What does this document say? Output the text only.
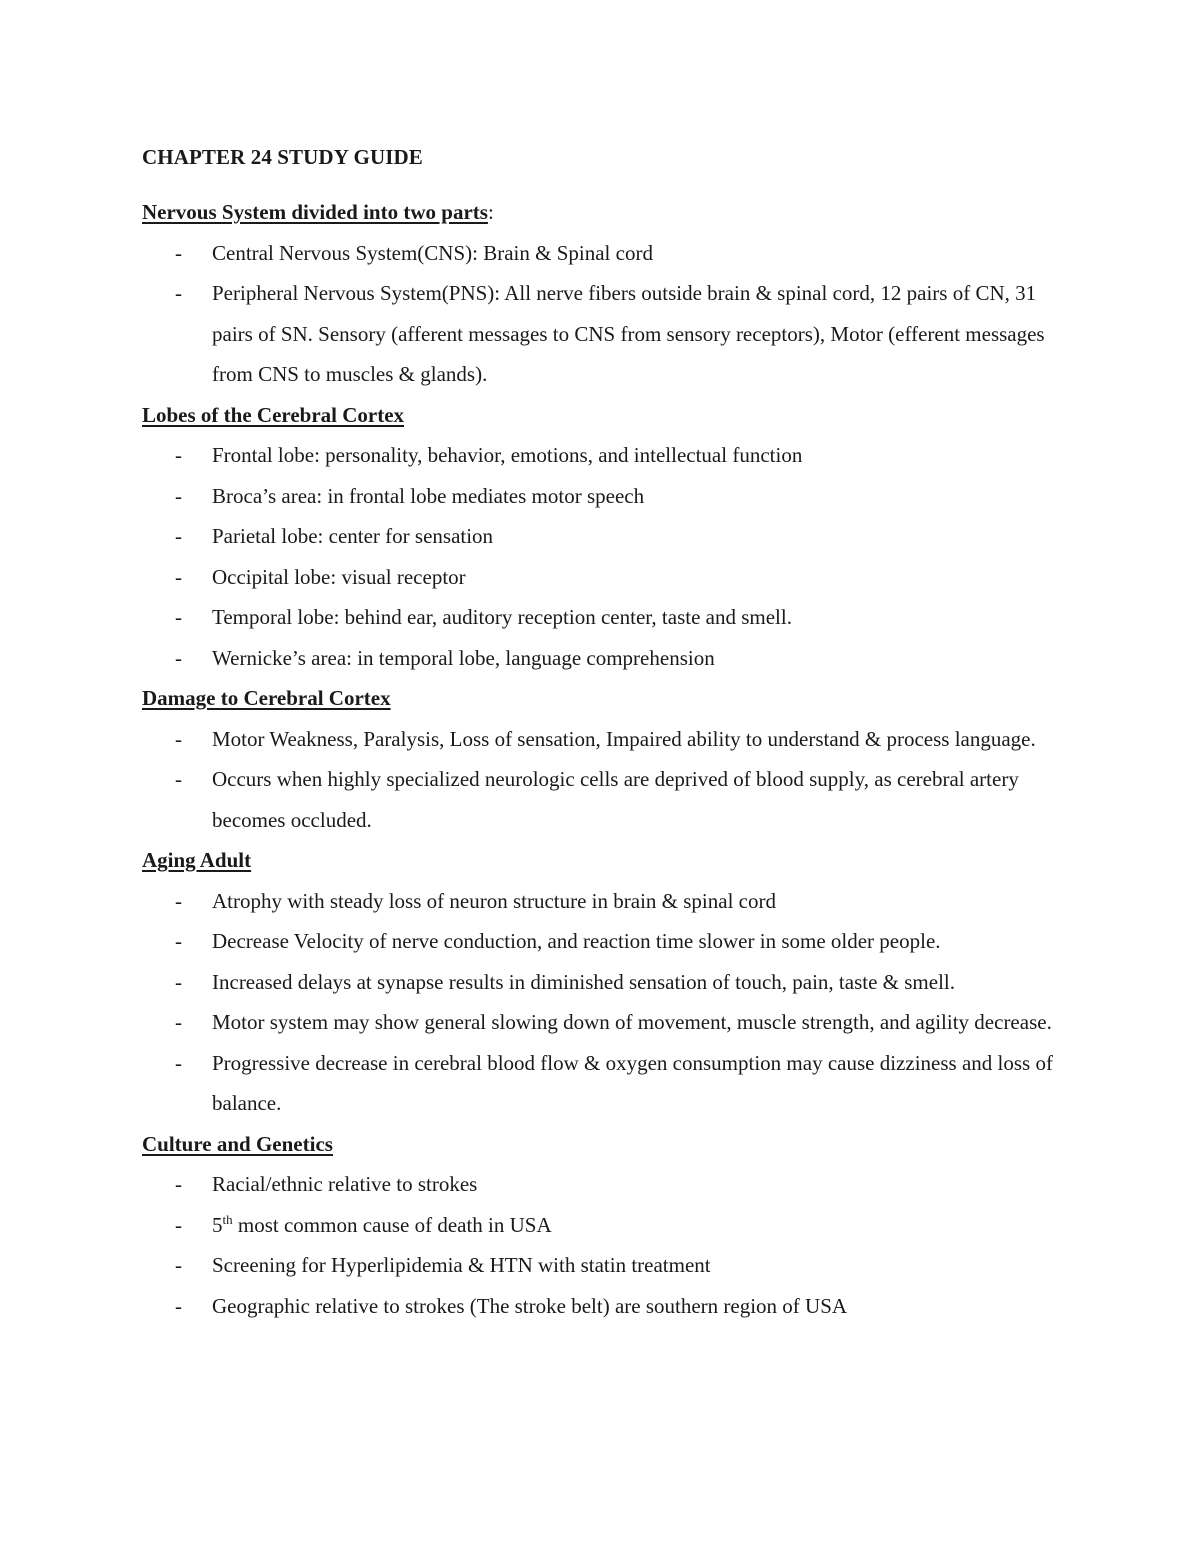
CHAPTER 24 STUDY GUIDE
Nervous System divided into two parts:
- Central Nervous System(CNS): Brain & Spinal cord
- Peripheral Nervous System(PNS): All nerve fibers outside brain & spinal cord, 12 pairs of CN, 31 pairs of SN. Sensory (afferent messages to CNS from sensory receptors), Motor (efferent messages from CNS to muscles & glands).
Lobes of the Cerebral Cortex
- Frontal lobe: personality, behavior, emotions, and intellectual function
- Broca’s area: in frontal lobe mediates motor speech
- Parietal lobe: center for sensation
- Occipital lobe: visual receptor
- Temporal lobe: behind ear, auditory reception center, taste and smell.
- Wernicke’s area: in temporal lobe, language comprehension
Damage to Cerebral Cortex
- Motor Weakness, Paralysis, Loss of sensation, Impaired ability to understand & process language.
- Occurs when highly specialized neurologic cells are deprived of blood supply, as cerebral artery becomes occluded.
Aging Adult
- Atrophy with steady loss of neuron structure in brain & spinal cord
- Decrease Velocity of nerve conduction, and reaction time slower in some older people.
- Increased delays at synapse results in diminished sensation of touch, pain, taste & smell.
- Motor system may show general slowing down of movement, muscle strength, and agility decrease.
- Progressive decrease in cerebral blood flow & oxygen consumption may cause dizziness and loss of balance.
Culture and Genetics
- Racial/ethnic relative to strokes
- 5th most common cause of death in USA
- Screening for Hyperlipidemia & HTN with statin treatment
- Geographic relative to strokes (The stroke belt) are southern region of USA
